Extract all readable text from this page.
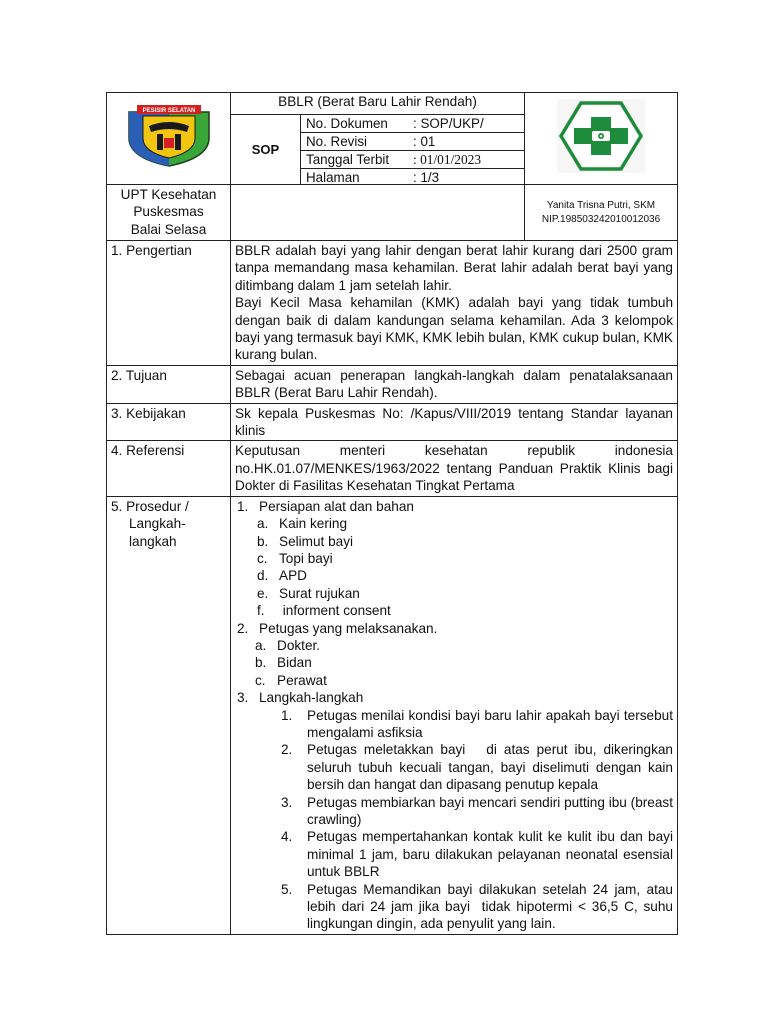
PESISIR SELATAN

BBLR (Berat Baru Lahir Rendah)
SOP
No. Dokumen	: SOP/UKP/

No. Revisi	: 01

Tanggal Terbit	: 01/01/2023

Halaman	: 1/3

UPT Kesehatan
Puskesmas
Balai Selasa

Yanita Trisna Putri, SKM
NIP.198503242010012036

1. Pengertian	BBLR adalah bayi yang lahir dengan berat lahir kurang dari 2500 gram tanpa memandang masa kehamilan. Berat lahir adalah berat bayi yang ditimbang dalam 1 jam setelah lahir.

Bayi Kecil Masa kehamilan (KMK) adalah bayi yang tidak tumbuh dengan baik di dalam kandungan selama kehamilan. Ada 3 kelompok bayi yang termasuk bayi KMK, KMK lebih bulan, KMK cukup bulan, KMK kurang bulan.

2. Tujuan	Sebagai acuan penerapan langkah-langkah dalam penatalaksanaan BBLR (Berat Baru Lahir Rendah).
3. Kebijakan	Sk kepala Puskesmas No: /Kapus/VIII/2019 tentang Standar layanan klinis
4. Referensi	Keputusan menteri kesehatan republik indonesia no.HK.01.07/MENKES/1963/2022 tentang Panduan Praktik Klinis bagi Dokter di Fasilitas Kesehatan Tingkat Pertama

5. Prosedur /
Langkah-
langkah

1. Persiapan alat dan bahan
a. Kain kering
b. Selimut bayi
c. Topi bayi
d. APD
e. Surat rujukan
f. informent consent
2. Petugas yang melaksanakan.
a. Dokter.
b. Bidan
c. Perawat
3. Langkah-langkah
1.	Petugas menilai kondisi bayi baru lahir apakah bayi tersebut mengalami asfiksia
2.	Petugas meletakkan bayi   di atas perut ibu, dikeringkan seluruh tubuh kecuali tangan, bayi diselimuti dengan kain bersih dan hangat dan dipasang penutup kepala
3.	Petugas membiarkan bayi mencari sendiri putting ibu (breast crawling)
4.	Petugas mempertahankan kontak kulit ke kulit ibu dan bayi minimal 1 jam, baru dilakukan pelayanan neonatal esensial untuk BBLR
5.	Petugas Memandikan bayi dilakukan setelah 24 jam, atau lebih dari 24 jam jika bayi  tidak hipotermi < 36,5 C, suhu lingkungan dingin, ada penyulit yang lain.
